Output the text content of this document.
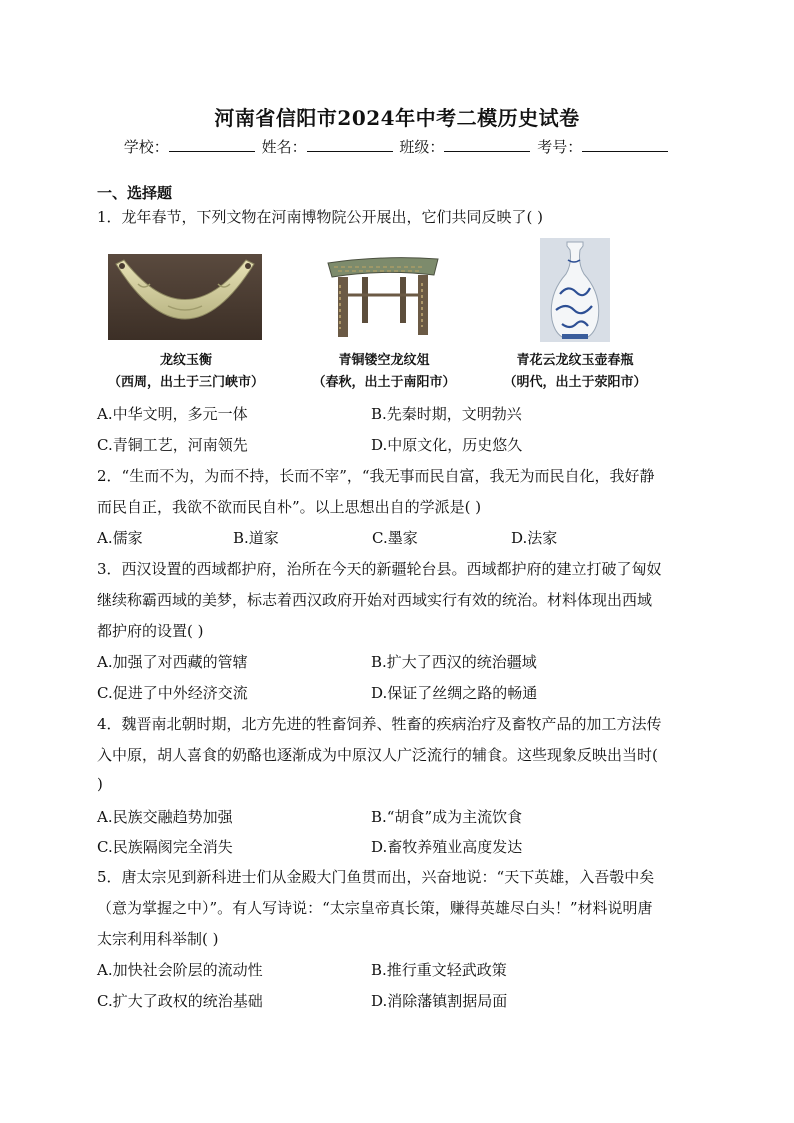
河南省信阳市2024年中考二模历史试卷
学校：	姓名：	班级：	考号：
一、选择题
1．龙年春节，下列文物在河南博物院公开展出，它们共同反映了( )
龙纹玉衡
（西周，出土于三门峡市）
青铜镂空龙纹俎
（春秋，出土于南阳市）
青花云龙纹玉壶春瓶
（明代，出土于荥阳市）
A.中华文明，多元一体	B.先秦时期，文明勃兴
C.青铜工艺，河南领先	D.中原文化，历史悠久
2．“生而不为，为而不持，长而不宰”，“我无事而民自富，我无为而民自化，我好静
而民自正，我欲不欲而民自朴”。以上思想出自的学派是( )
A.儒家	B.道家	C.墨家	D.法家
3．西汉设置的西域都护府，治所在今天的新疆轮台县。西域都护府的建立打破了匈奴
继续称霸西域的美梦，标志着西汉政府开始对西域实行有效的统治。材料体现出西域
都护府的设置( )
A.加强了对西藏的管辖	B.扩大了西汉的统治疆域
C.促进了中外经济交流	D.保证了丝绸之路的畅通
4．魏晋南北朝时期，北方先进的牲畜饲养、牲畜的疾病治疗及畜牧产品的加工方法传
入中原，胡人喜食的奶酪也逐渐成为中原汉人广泛流行的辅食。这些现象反映出当时(
)
A.民族交融趋势加强	B.“胡食”成为主流饮食
C.民族隔阂完全消失	D.畜牧养殖业高度发达
5．唐太宗见到新科进士们从金殿大门鱼贯而出，兴奋地说：“天下英雄，入吾彀中矣
（意为掌握之中）”。有人写诗说：“太宗皇帝真长策，赚得英雄尽白头！”材料说明唐
太宗利用科举制( )
A.加快社会阶层的流动性	B.推行重文轻武政策
C.扩大了政权的统治基础	D.消除藩镇割据局面
